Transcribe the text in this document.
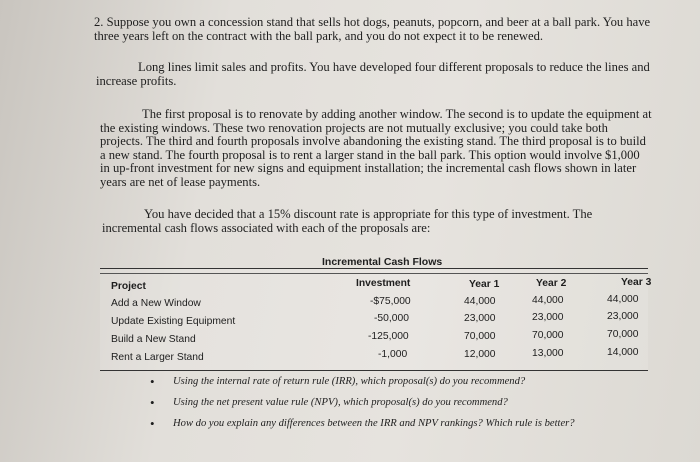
2. Suppose you own a concession stand that sells hot dogs, peanuts, popcorn, and beer at a ball park. You have three years left on the contract with the ball park, and you do not expect it to be renewed.

Long lines limit sales and profits. You have developed four different proposals to reduce the lines and increase profits.

The first proposal is to renovate by adding another window. The second is to update the equipment at the existing windows. These two renovation projects are not mutually exclusive; you could take both projects. The third and fourth proposals involve abandoning the existing stand. The third proposal is to build a new stand. The fourth proposal is to rent a larger stand in the ball park. This option would involve $1,000 in up-front investment for new signs and equipment installation; the incremental cash flows shown in later years are net of lease payments.

You have decided that a 15% discount rate is appropriate for this type of investment. The incremental cash flows associated with each of the proposals are:

Incremental Cash Flows
Project	Investment	Year 1	Year 2	Year 3
Add a New Window	-$75,000	44,000	44,000	44,000
Update Existing Equipment	-50,000	23,000	23,000	23,000
Build a New Stand	-125,000	70,000	70,000	70,000
Rent a Larger Stand	-1,000	12,000	13,000	14,000
• Using the internal rate of return rule (IRR), which proposal(s) do you recommend?
• Using the net present value rule (NPV), which proposal(s) do you recommend?
• How do you explain any differences between the IRR and NPV rankings? Which rule is better?
